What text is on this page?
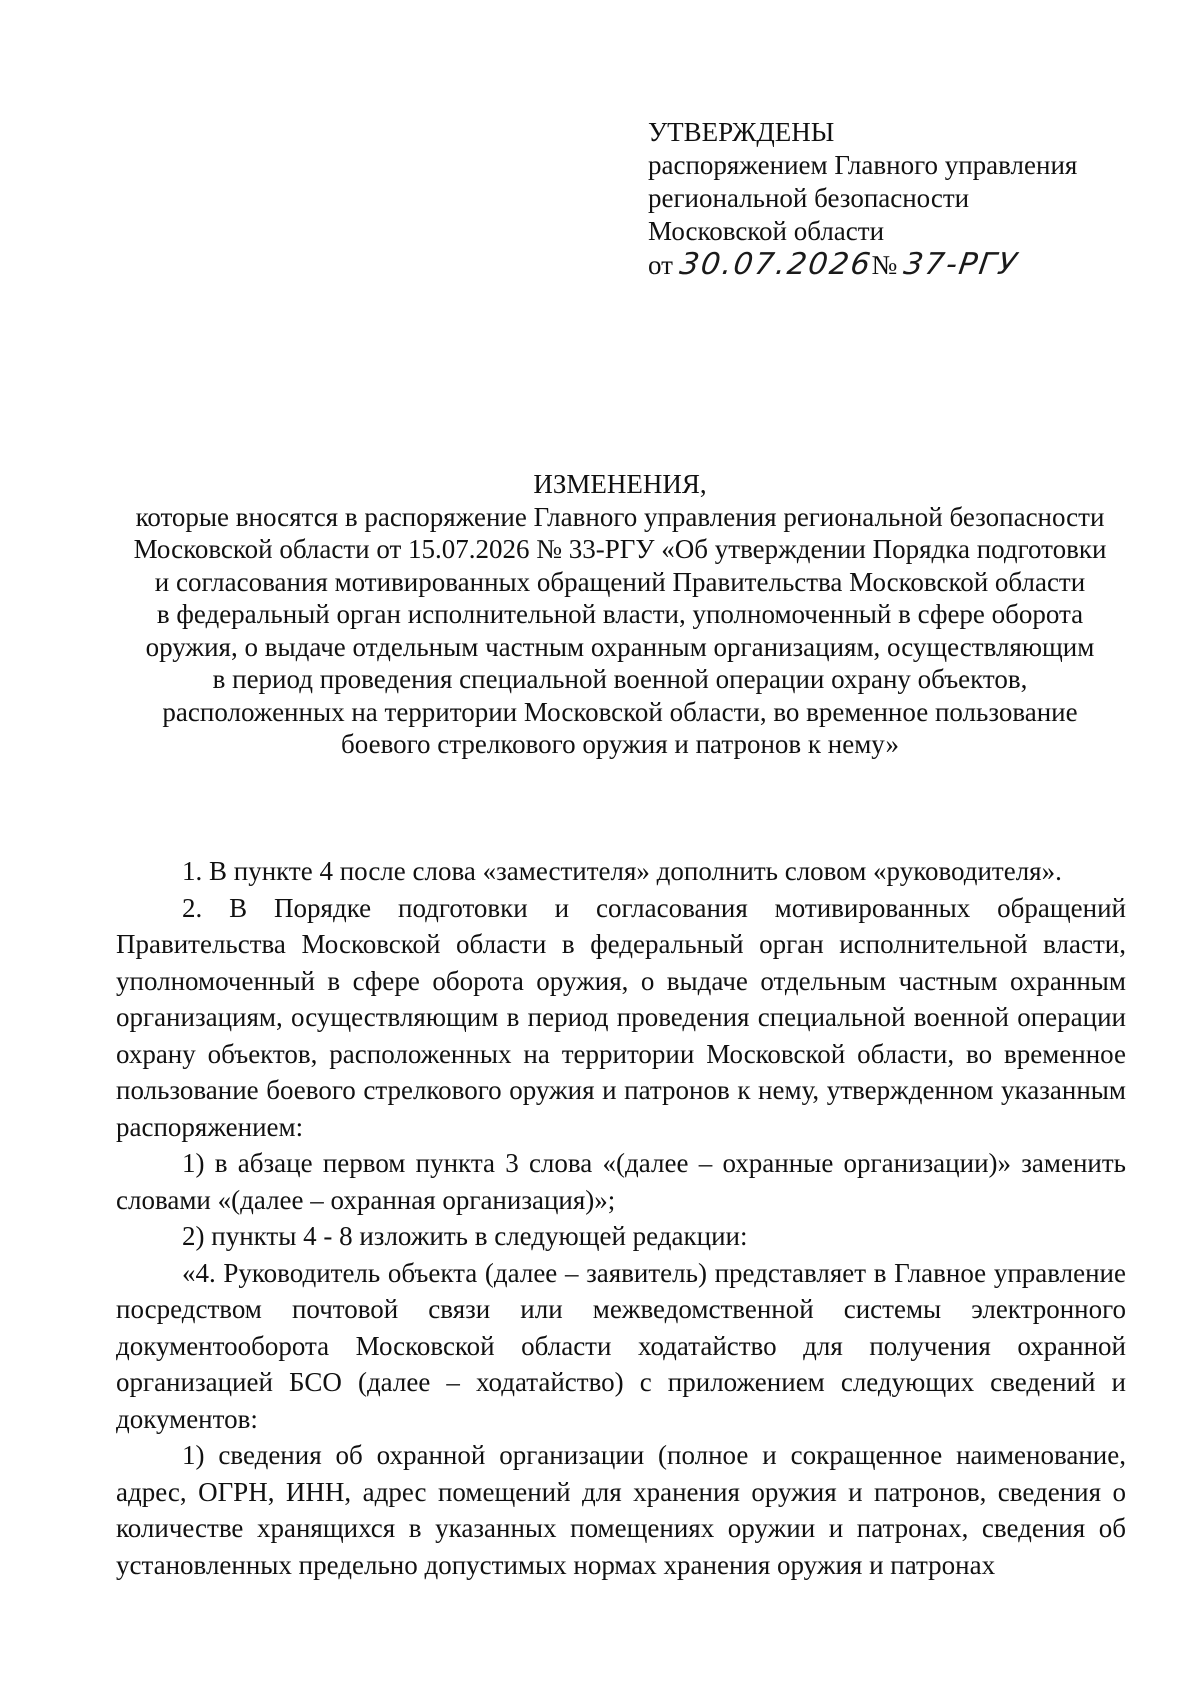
УТВЕРЖДЕНЫ
распоряжением Главного управления
региональной безопасности
Московской области
от 30.07.2026№ 37-РГУ
ИЗМЕНЕНИЯ,
которые вносятся в распоряжение Главного управления региональной безопасности
Московской области от 15.07.2026 № 33-РГУ «Об утверждении Порядка подготовки
и согласования мотивированных обращений Правительства Московской области
в федеральный орган исполнительной власти, уполномоченный в сфере оборота
оружия, о выдаче отдельным частным охранным организациям, осуществляющим
в период проведения специальной военной операции охрану объектов,
расположенных на территории Московской области, во временное пользование
боевого стрелкового оружия и патронов к нему»

1. В пункте 4 после слова «заместителя» дополнить словом «руководителя».

2. В Порядке подготовки и согласования мотивированных обращений Правительства Московской области в федеральный орган исполнительной власти, уполномоченный в сфере оборота оружия, о выдаче отдельным частным охранным организациям, осуществляющим в период проведения специальной военной операции охрану объектов, расположенных на территории Московской области, во временное пользование боевого стрелкового оружия и патронов к нему, утвержденном указанным распоряжением:

1) в абзаце первом пункта 3 слова «(далее – охранные организации)» заменить словами «(далее – охранная организация)»;

2) пункты 4 - 8 изложить в следующей редакции:

«4. Руководитель объекта (далее – заявитель) представляет в Главное управление посредством почтовой связи или межведомственной системы электронного документооборота Московской области ходатайство для получения охранной организацией БСО (далее – ходатайство) с приложением следующих сведений и документов:

1) сведения об охранной организации (полное и сокращенное наименование, адрес, ОГРН, ИНН, адрес помещений для хранения оружия и патронов, сведения о количестве хранящихся в указанных помещениях оружии и патронах, сведения об установленных предельно допустимых нормах хранения оружия и патронах
